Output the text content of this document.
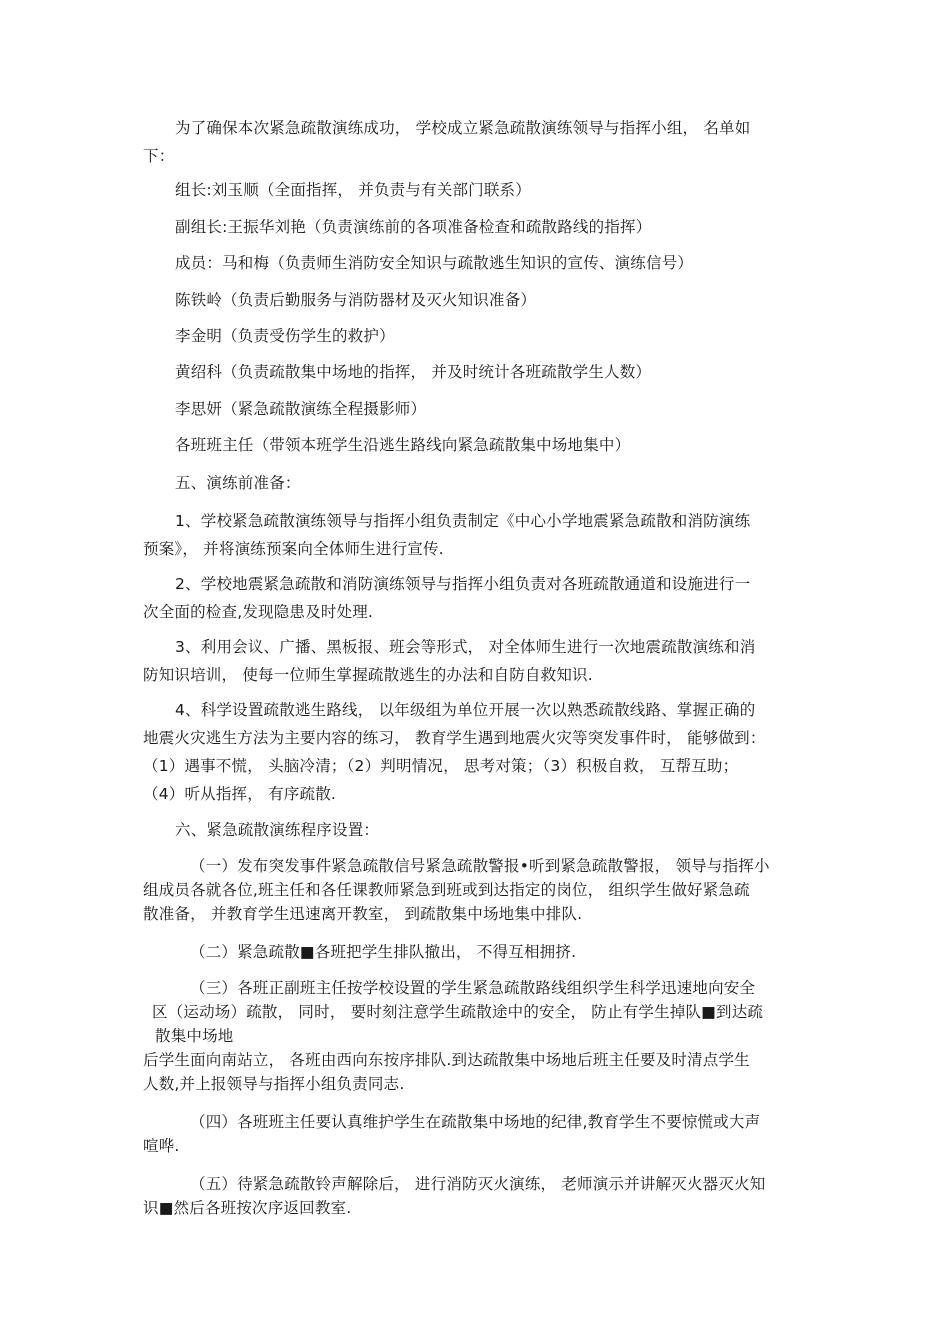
为了确保本次紧急疏散演练成功， 学校成立紧急疏散演练领导与指挥小组， 名单如
下：
组长:刘玉顺（全面指挥， 并负责与有关部门联系）
副组长:王振华刘艳（负责演练前的各项准备检查和疏散路线的指挥）
成员：马和梅（负责师生消防安全知识与疏散逃生知识的宣传、演练信号）
陈铁岭（负责后勤服务与消防器材及灭火知识准备）
李金明（负责受伤学生的救护）
黄绍科（负责疏散集中场地的指挥， 并及时统计各班疏散学生人数）
李思妍（紧急疏散演练全程摄影师）
各班班主任（带领本班学生沿逃生路线向紧急疏散集中场地集中）
五、演练前准备：
1、学校紧急疏散演练领导与指挥小组负责制定《中心小学地震紧急疏散和消防演练
预案》， 并将演练预案向全体师生进行宣传.
2、学校地震紧急疏散和消防演练领导与指挥小组负责对各班疏散通道和设施进行一
次全面的检查,发现隐患及时处理.
3、利用会议、广播、黑板报、班会等形式， 对全体师生进行一次地震疏散演练和消
防知识培训， 使每一位师生掌握疏散逃生的办法和自防自救知识.
4、科学设置疏散逃生路线， 以年级组为单位开展一次以熟悉疏散线路、掌握正确的
地震火灾逃生方法为主要内容的练习， 教育学生遇到地震火灾等突发事件时， 能够做到：
（1）遇事不慌， 头脑冷清；（2）判明情况， 思考对策；（3）积极自救， 互帮互助；
（4）听从指挥， 有序疏散.
六、紧急疏散演练程序设置：
（一）发布突发事件紧急疏散信号紧急疏散警报•听到紧急疏散警报， 领导与指挥小
组成员各就各位,班主任和各任课教师紧急到班或到达指定的岗位， 组织学生做好紧急疏
散准备， 并教育学生迅速离开教室， 到疏散集中场地集中排队.
（二）紧急疏散■各班把学生排队撤出， 不得互相拥挤.
（三）各班正副班主任按学校设置的学生紧急疏散路线组织学生科学迅速地向安全
区（运动场）疏散， 同时， 要时刻注意学生疏散途中的安全， 防止有学生掉队■到达疏
散集中场地
后学生面向南站立， 各班由西向东按序排队.到达疏散集中场地后班主任要及时清点学生
人数,并上报领导与指挥小组负责同志.
（四）各班班主任要认真维护学生在疏散集中场地的纪律,教育学生不要惊慌或大声
喧哗.
（五）待紧急疏散铃声解除后， 进行消防灭火演练， 老师演示并讲解灭火器灭火知
识■然后各班按次序返回教室.
